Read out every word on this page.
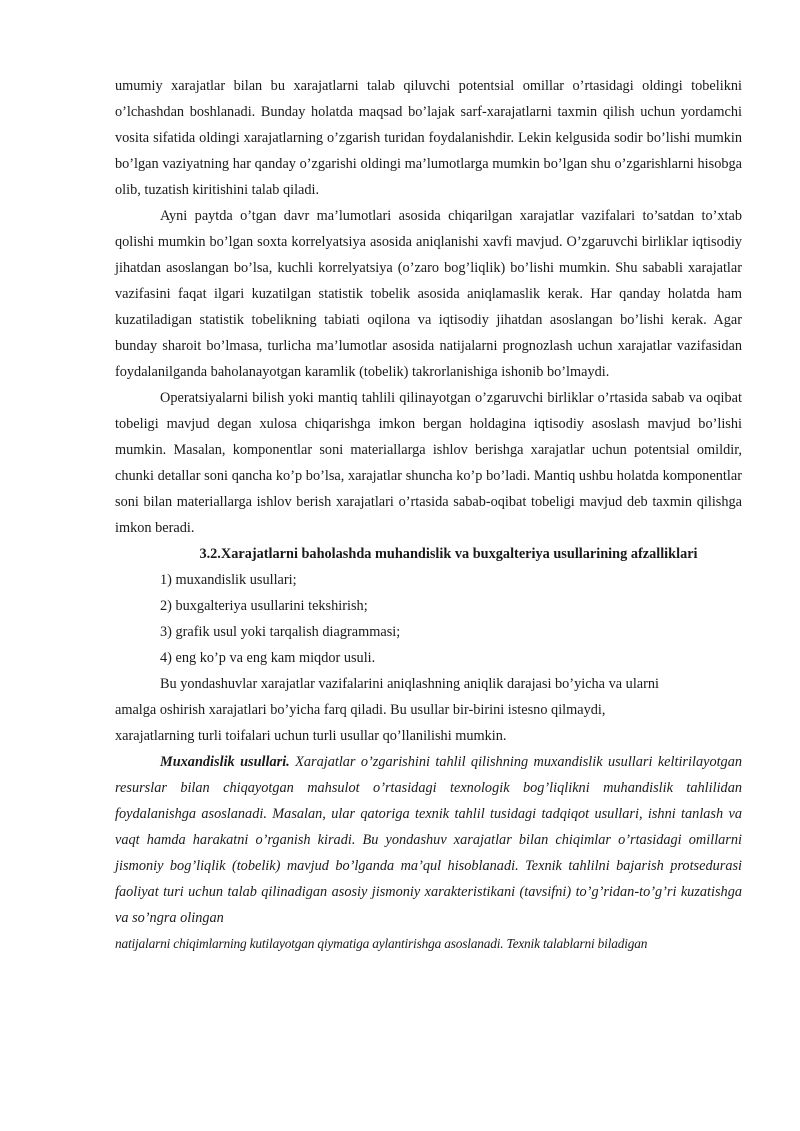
umumiy xarajatlar bilan bu xarajatlarni talab qiluvchi potentsial omillar o’rtasidagi oldingi tobelikni o’lchashdan boshlanadi. Bunday holatda maqsad bo’lajak sarf-xarajatlarni taxmin qilish uchun yordamchi vosita sifatida oldingi xarajatlarning o’zgarish turidan foydalanishdir. Lekin kelgusida sodir bo’lishi mumkin bo’lgan vaziyatning har qanday o’zgarishi oldingi ma’lumotlarga mumkin bo’lgan shu o’zgarishlarni hisobga olib, tuzatish kiritishini talab qiladi.

Ayni paytda o’tgan davr ma’lumotlari asosida chiqarilgan xarajatlar vazifalari to’satdan to’xtab qolishi mumkin bo’lgan soxta korrelyatsiya asosida aniqlanishi xavfi mavjud. O’zgaruvchi birliklar iqtisodiy jihatdan asoslangan bo’lsa, kuchli korrelyatsiya (o’zaro bog’liqlik) bo’lishi mumkin. Shu sababli xarajatlar vazifasini faqat ilgari kuzatilgan statistik tobelik asosida aniqlamaslik kerak. Har qanday holatda ham kuzatiladigan statistik tobelikning tabiati oqilona va iqtisodiy jihatdan asoslangan bo’lishi kerak. Agar bunday sharoit bo’lmasa, turlicha ma’lumotlar asosida natijalarni prognozlash uchun xarajatlar vazifasidan foydalanilganda baholanayotgan karamlik (tobelik) takrorlanishiga ishonib bo’lmaydi.

Operatsiyalarni bilish yoki mantiq tahlili qilinayotgan o’zgaruvchi birliklar o’rtasida sabab va oqibat tobeligi mavjud degan xulosa chiqarishga imkon bergan holdagina iqtisodiy asoslash mavjud bo’lishi mumkin. Masalan, komponentlar soni materiallarga ishlov berishga xarajatlar uchun potentsial omildir, chunki detallar soni qancha ko’p bo’lsa, xarajatlar shuncha ko’p bo’ladi. Mantiq ushbu holatda komponentlar soni bilan materiallarga ishlov berish xarajatlari o’rtasida sabab-oqibat tobeligi mavjud deb taxmin qilishga imkon beradi.

3.2.Xarajatlarni baholashda muhandislik va buxgalteriya usullarining afzalliklari

1) muxandislik usullari;

2) buxgalteriya usullarini tekshirish;

3) grafik usul yoki tarqalish diagrammasi;

4) eng ko’p va eng kam miqdor usuli.

Bu yondashuvlar xarajatlar vazifalarini aniqlashning aniqlik darajasi bo’yicha va ularni

amalga oshirish xarajatlari bo’yicha farq qiladi. Bu usullar bir-birini istesno qilmaydi,

xarajatlarning turli toifalari uchun turli usullar qo’llanilishi mumkin.

Muxandislik usullari. Xarajatlar o’zgarishini tahlil qilishning muxandislik usullari keltirilayotgan resurslar bilan chiqayotgan mahsulot o’rtasidagi texnologik bog’liqlikni muhandislik tahlilidan foydalanishga asoslanadi. Masalan, ular qatoriga texnik tahlil tusidagi tadqiqot usullari, ishni tanlash va vaqt hamda harakatni o’rganish kiradi. Bu yondashuv xarajatlar bilan chiqimlar o’rtasidagi omillarni jismoniy bog’liqlik (tobelik) mavjud bo’lganda ma’qul hisoblanadi. Texnik tahlilni bajarish protsedurasi faoliyat turi uchun talab qilinadigan asosiy jismoniy xarakteristikani (tavsifni) to’g’ridan-to’g’ri kuzatishga va so’ngra olingan

natijalarni chiqimlarning kutilayotgan qiymatiga aylantirishga asoslanadi. Texnik talablarni biladigan
